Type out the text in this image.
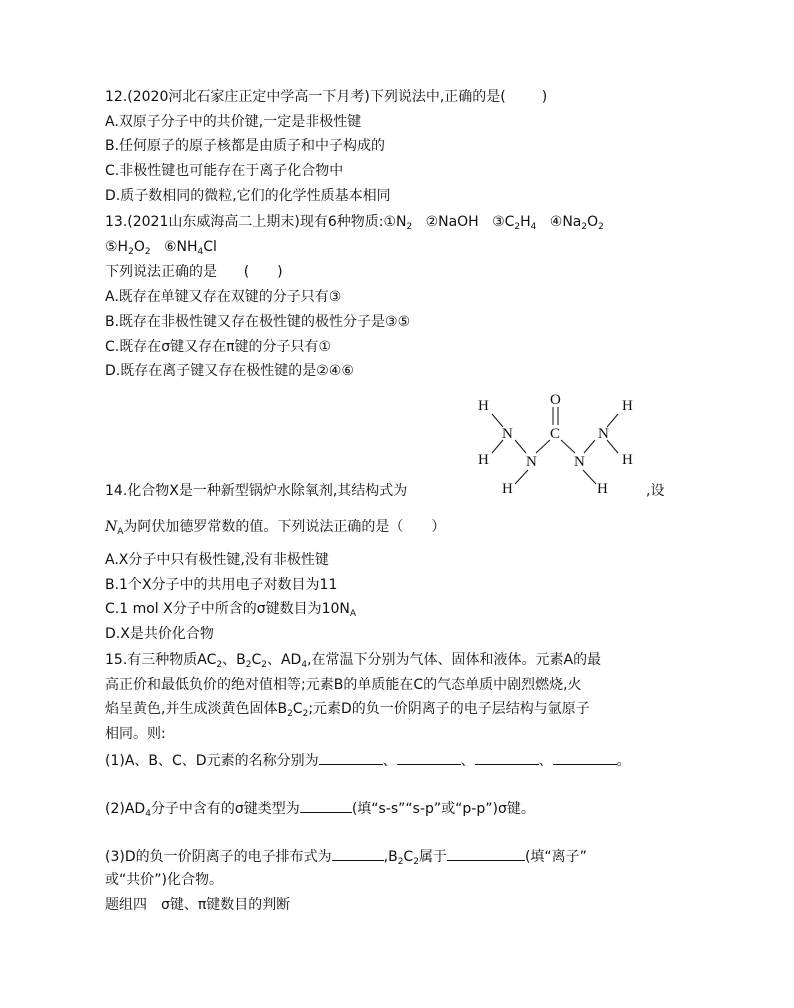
12.(2020河北石家庄正定中学高一下月考)下列说法中,正确的是(	)
A.双原子分子中的共价键,一定是非极性键
B.任何原子的原子核都是由质子和中子构成的
C.非极性键也可能存在于离子化合物中
D.质子数相同的微粒,它们的化学性质基本相同
13.(2021山东威海高二上期末)现有6种物质$:①N_2$ ②NaOH $③C_2H_4$ $④Na_2O_2$
$⑤H_2O_2$ $⑥NH_4Cl$
下列说法正确的是 (　　)
A.既存在单键又存在双键的分子只有③
B.既存在非极性键又存在极性键的极性分子是③⑤
C.既存在σ键又存在π键的分子只有①
D.既存在离子键又存在极性键的是②④⑥
O
C
N
N N
N
H
H
H	H
H
H
14.化合物X是一种新型锅炉水除氧剂,其结构式为	,设
$N_A$为阿伏加德罗常数的值。下列说法正确的是（　　）
A.X分子中只有极性键,没有非极性键
B.1个X分子中的共用电子对数目为11
C.1 mol X分子中所含的σ键数目为$10N_A$
D.X是共价化合物
15.有三种物质$AC_2$、$B_2C_2$、$AD_4$,在常温下分别为气体、固体和液体。元素A的最
高正价和最低负价的绝对值相等;元素B的单质能在C的气态单质中剧烈燃烧,火
焰呈黄色,并生成淡黄色固体$B_2C_2$;元素D的负一价阴离子的电子层结构与氩原子
相同。则:
(1)A、B、C、D元素的名称分别为	、	、	、	。
$(2)AD_4$分子中含有的σ键类型为	(填“s-s”“s-p”或“p-p”)σ键。
(3)D的负一价阴离子的电子排布式为	$,B_2C_2$属于	(填“离子”
或“共价”)化合物。
题组四　σ键、π键数目的判断
